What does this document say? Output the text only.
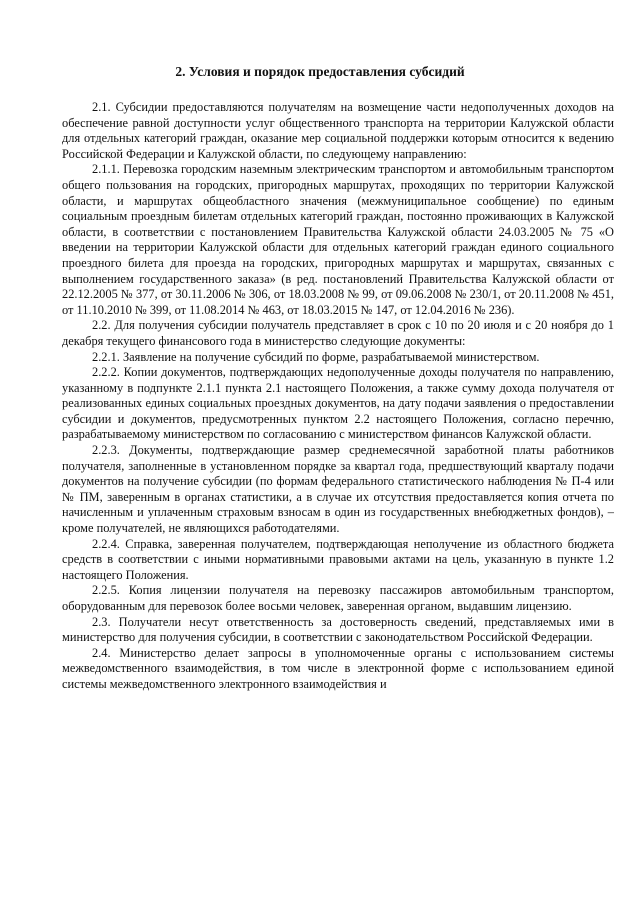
2. Условия и порядок предоставления субсидий

2.1. Субсидии предоставляются получателям на возмещение части недополученных доходов на обеспечение равной доступности услуг общественного транспорта на территории Калужской области для отдельных категорий граждан, оказание мер социальной поддержки которым относится к ведению Российской Федерации и Калужской области, по следующему направлению:

2.1.1. Перевозка городским наземным электрическим транспортом и автомобильным транспортом общего пользования на городских, пригородных маршрутах, проходящих по территории Калужской области, и маршрутах общеобластного значения (межмуниципальное сообщение) по единым социальным проездным билетам отдельных категорий граждан, постоянно проживающих в Калужской области, в соответствии с постановлением Правительства Калужской области 24.03.2005 № 75 «О введении на территории Калужской области для отдельных категорий граждан единого социального проездного билета для проезда на городских, пригородных маршрутах и маршрутах, связанных с выполнением государственного заказа» (в ред. постановлений Правительства Калужской области от 22.12.2005 № 377, от 30.11.2006 № 306, от 18.03.2008 № 99, от 09.06.2008 № 230/1, от 20.11.2008 № 451, от 11.10.2010 № 399, от 11.08.2014 № 463, от 18.03.2015 № 147, от 12.04.2016 № 236).

2.2. Для получения субсидии получатель представляет в срок с 10 по 20 июля и с 20 ноября до 1 декабря текущего финансового года в министерство следующие документы:

2.2.1. Заявление на получение субсидий по форме, разрабатываемой министерством.

2.2.2. Копии документов, подтверждающих недополученные доходы получателя по направлению, указанному в подпункте 2.1.1 пункта 2.1 настоящего Положения, а также сумму дохода получателя от реализованных единых социальных проездных документов, на дату подачи заявления о предоставлении субсидии и документов, предусмотренных пунктом 2.2 настоящего Положения, согласно перечню, разрабатываемому министерством по согласованию с министерством финансов Калужской области.

2.2.3. Документы, подтверждающие размер среднемесячной заработной платы работников получателя, заполненные в установленном порядке за квартал года, предшествующий кварталу подачи документов на получение субсидии (по формам федерального статистического наблюдения № П-4 или № ПМ, заверенным в органах статистики, а в случае их отсутствия предоставляется копия отчета по начисленным и уплаченным страховым взносам в один из государственных внебюджетных фондов), – кроме получателей, не являющихся работодателями.

2.2.4. Справка, заверенная получателем, подтверждающая неполучение из областного бюджета средств в соответствии с иными нормативными правовыми актами на цель, указанную в пункте 1.2 настоящего Положения.

2.2.5. Копия лицензии получателя на перевозку пассажиров автомобильным транспортом, оборудованным для перевозок более восьми человек, заверенная органом, выдавшим лицензию.

2.3. Получатели несут ответственность за достоверность сведений, представляемых ими в министерство для получения субсидии, в соответствии с законодательством Российской Федерации.

2.4. Министерство делает запросы в уполномоченные органы с использованием системы межведомственного взаимодействия, в том числе в электронной форме с использованием единой системы межведомственного электронного взаимодействия и
